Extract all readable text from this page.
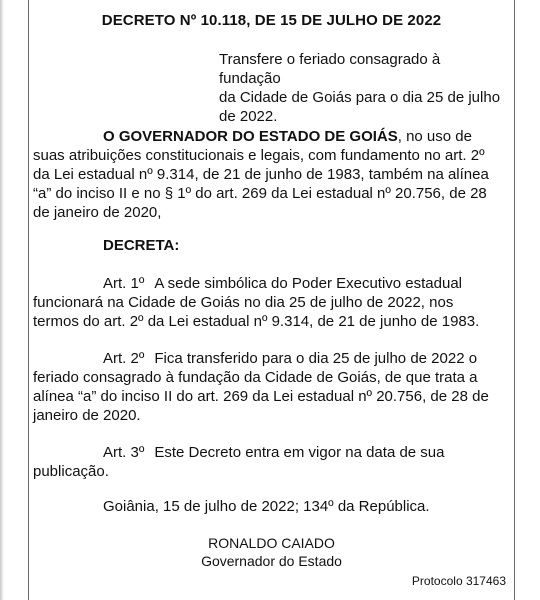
DECRETO Nº 10.118, DE 15 DE JULHO DE 2022

Transfere o feriado consagrado à fundação

da Cidade de Goiás para o dia 25 de julho

de 2022.

O GOVERNADOR DO ESTADO DE GOIÁS, no uso de

suas atribuições constitucionais e legais, com fundamento no art. 2º

da Lei estadual nº 9.314, de 21 de junho de 1983, também na alínea

“a” do inciso II e no § 1º do art. 269 da Lei estadual nº 20.756, de 28

de janeiro de 2020,

DECRETA:

Art. 1º A sede simbólica do Poder Executivo estadual

funcionará na Cidade de Goiás no dia 25 de julho de 2022, nos

termos do art. 2º da Lei estadual nº 9.314, de 21 de junho de 1983.

Art. 2º Fica transferido para o dia 25 de julho de 2022 o

feriado consagrado à fundação da Cidade de Goiás, de que trata a

alínea “a” do inciso II do art. 269 da Lei estadual nº 20.756, de 28 de

janeiro de 2020.

Art. 3º Este Decreto entra em vigor na data de sua

publicação.

Goiânia, 15 de julho de 2022; 134º da República.

RONALDO CAIADO
Governador do Estado
Protocolo 317463
